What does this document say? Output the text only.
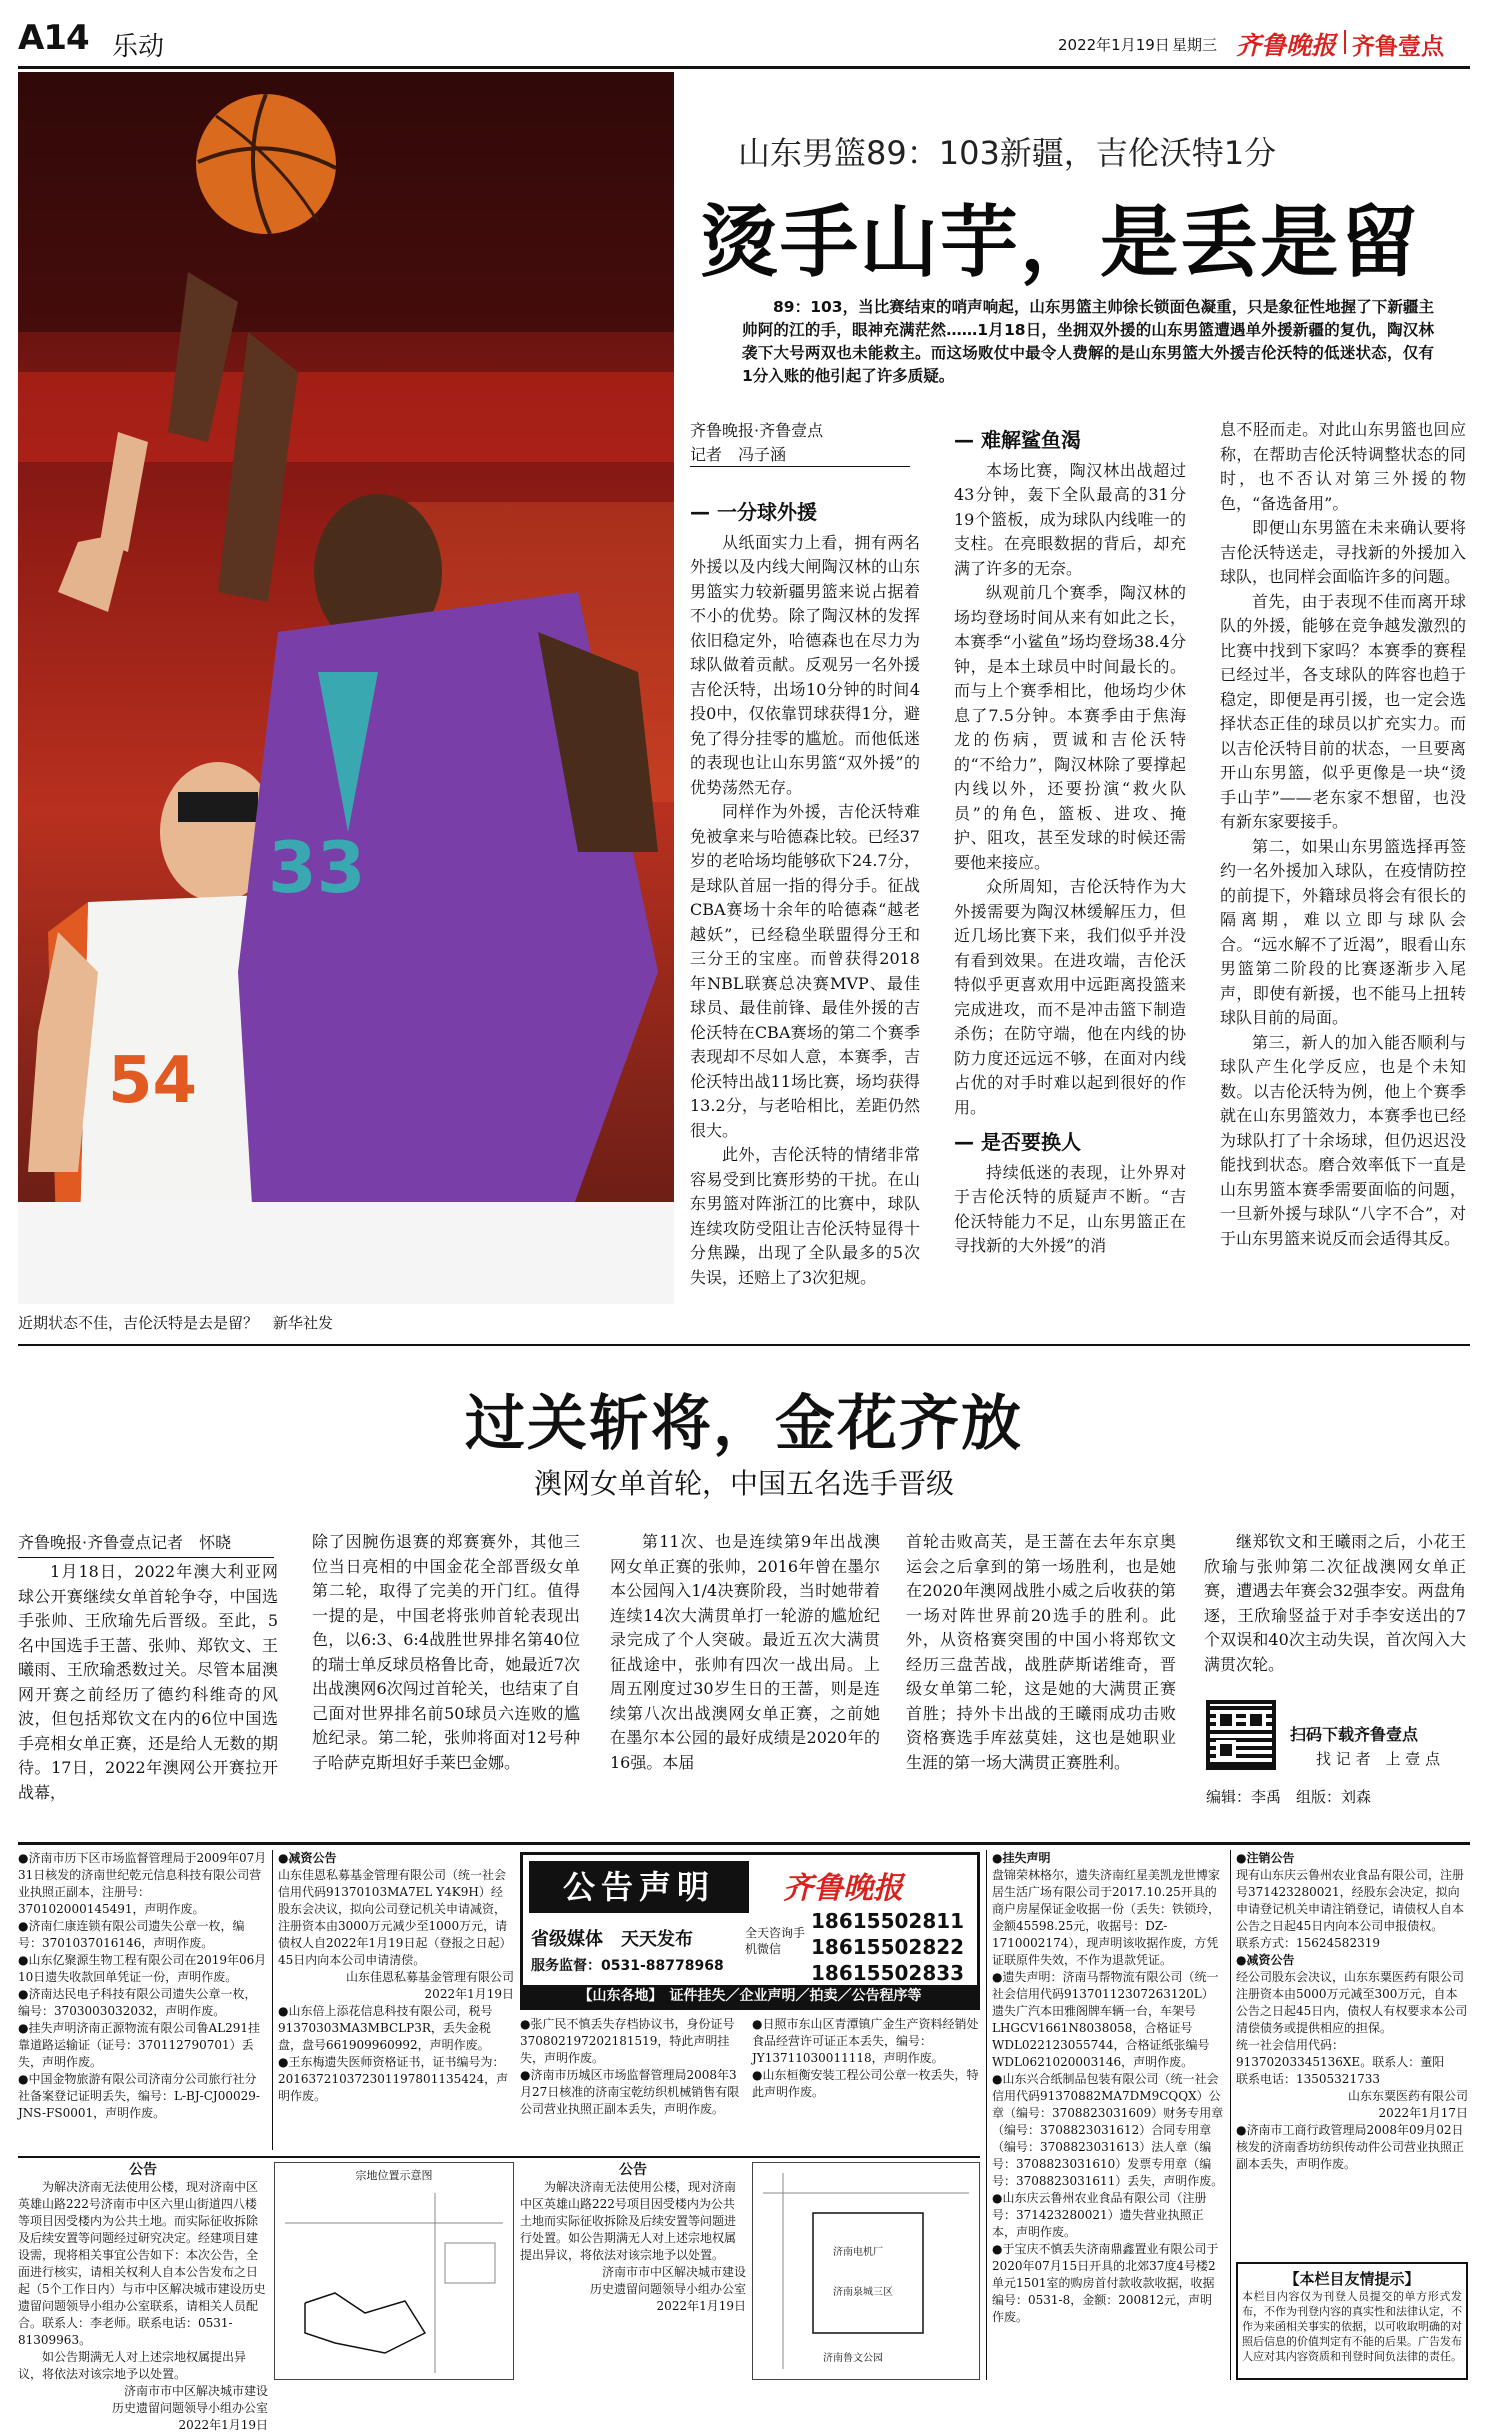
A14 乐动	2022年1月19日 星期三 齐鲁晚报 齐鲁壹点
54
33
近期状态不佳，吉伦沃特是去是留？　新华社发
山东男篮89：103新疆，吉伦沃特1分
烫手山芋，是丢是留
89：103，当比赛结束的哨声响起，山东男篮主帅徐长锁面色凝重，只是象征性地握了下新疆主帅阿的江的手，眼神充满茫然……1月18日，坐拥双外援的山东男篮遭遇单外援新疆的复仇，陶汉林袭下大号两双也未能救主。而这场败仗中最令人费解的是山东男篮大外援吉伦沃特的低迷状态，仅有1分入账的他引起了许多质疑。
齐鲁晚报·齐鲁壹点
记者　冯子涵
— 一分球外援

从纸面实力上看，拥有两名外援以及内线大闸陶汉林的山东男篮实力较新疆男篮来说占据着不小的优势。除了陶汉林的发挥依旧稳定外，哈德森也在尽力为球队做着贡献。反观另一名外援吉伦沃特，出场10分钟的时间4投0中，仅依靠罚球获得1分，避免了得分挂零的尴尬。而他低迷的表现也让山东男篮“双外援”的优势荡然无存。

同样作为外援，吉伦沃特难免被拿来与哈德森比较。已经37岁的老哈场均能够砍下24.7分，是球队首屈一指的得分手。征战CBA赛场十余年的哈德森“越老越妖”，已经稳坐联盟得分王和三分王的宝座。而曾获得2018年NBL联赛总决赛MVP、最佳球员、最佳前锋、最佳外援的吉伦沃特在CBA赛场的第二个赛季表现却不尽如人意，本赛季，吉伦沃特出战11场比赛，场均获得13.2分，与老哈相比，差距仍然很大。

此外，吉伦沃特的情绪非常容易受到比赛形势的干扰。在山东男篮对阵浙江的比赛中，球队连续攻防受阻让吉伦沃特显得十分焦躁，出现了全队最多的5次失误，还赔上了3次犯规。

— 难解鲨鱼渴

本场比赛，陶汉林出战超过43分钟，轰下全队最高的31分19个篮板，成为球队内线唯一的支柱。在亮眼数据的背后，却充满了许多的无奈。

纵观前几个赛季，陶汉林的场均登场时间从来有如此之长，本赛季“小鲨鱼”场均登场38.4分钟，是本土球员中时间最长的。而与上个赛季相比，他场均少休息了7.5分钟。本赛季由于焦海龙的伤病，贾诚和吉伦沃特的“不给力”，陶汉林除了要撑起内线以外，还要扮演“救火队员”的角色，篮板、进攻、掩护、阻攻，甚至发球的时候还需要他来接应。

众所周知，吉伦沃特作为大外援需要为陶汉林缓解压力，但近几场比赛下来，我们似乎并没有看到效果。在进攻端，吉伦沃特似乎更喜欢用中远距离投篮来完成进攻，而不是冲击篮下制造杀伤；在防守端，他在内线的协防力度还远远不够，在面对内线占优的对手时难以起到很好的作用。

— 是否要换人

持续低迷的表现，让外界对于吉伦沃特的质疑声不断。“吉伦沃特能力不足，山东男篮正在寻找新的大外援”的消

息不胫而走。对此山东男篮也回应称，在帮助吉伦沃特调整状态的同时，也不否认对第三外援的物色，“备选备用”。

即便山东男篮在未来确认要将吉伦沃特送走，寻找新的外援加入球队，也同样会面临许多的问题。

首先，由于表现不佳而离开球队的外援，能够在竞争越发激烈的比赛中找到下家吗？本赛季的赛程已经过半，各支球队的阵容也趋于稳定，即便是再引援，也一定会选择状态正佳的球员以扩充实力。而以吉伦沃特目前的状态，一旦要离开山东男篮，似乎更像是一块“烫手山芋”——老东家不想留，也没有新东家要接手。

第二，如果山东男篮选择再签约一名外援加入球队，在疫情防控的前提下，外籍球员将会有很长的隔离期，难以立即与球队会合。“远水解不了近渴”，眼看山东男篮第二阶段的比赛逐渐步入尾声，即使有新援，也不能马上扭转球队目前的局面。

第三，新人的加入能否顺利与球队产生化学反应，也是个未知数。以吉伦沃特为例，他上个赛季就在山东男篮效力，本赛季也已经为球队打了十余场球，但仍迟迟没能找到状态。磨合效率低下一直是山东男篮本赛季需要面临的问题，一旦新外援与球队“八字不合”，对于山东男篮来说反而会适得其反。

过关斩将，金花齐放
澳网女单首轮，中国五名选手晋级
齐鲁晚报·齐鲁壹点记者　怀晓

1月18日，2022年澳大利亚网球公开赛继续女单首轮争夺，中国选手张帅、王欣瑜先后晋级。至此，5名中国选手王蔷、张帅、郑钦文、王曦雨、王欣瑜悉数过关。尽管本届澳网开赛之前经历了德约科维奇的风波，但包括郑钦文在内的6位中国选手亮相女单正赛，还是给人无数的期待。17日，2022年澳网公开赛拉开战幕，

除了因腕伤退赛的郑赛赛外，其他三位当日亮相的中国金花全部晋级女单第二轮，取得了完美的开门红。值得一提的是，中国老将张帅首轮表现出色，以6:3、6:4战胜世界排名第40位的瑞士单反球员格鲁比奇，她最近7次出战澳网6次闯过首轮关，也结束了自己面对世界排名前50球员六连败的尴尬纪录。第二轮，张帅将面对12号种子哈萨克斯坦好手莱巴金娜。

第11次、也是连续第9年出战澳网女单正赛的张帅，2016年曾在墨尔本公园闯入1/4决赛阶段，当时她带着连续14次大满贯单打一轮游的尴尬纪录完成了个人突破。最近五次大满贯征战途中，张帅有四次一战出局。上周五刚度过30岁生日的王蔷，则是连续第八次出战澳网女单正赛，之前她在墨尔本公园的最好成绩是2020年的16强。本届

首轮击败高芙，是王蔷在去年东京奥运会之后拿到的第一场胜利，也是她在2020年澳网战胜小威之后收获的第一场对阵世界前20选手的胜利。此外，从资格赛突围的中国小将郑钦文经历三盘苦战，战胜萨斯诺维奇，晋级女单第二轮，这是她的大满贯正赛首胜；持外卡出战的王曦雨成功击败资格赛选手库兹莫娃，这也是她职业生涯的第一场大满贯正赛胜利。

继郑钦文和王曦雨之后，小花王欣瑜与张帅第二次征战澳网女单正赛，遭遇去年赛会32强李安。两盘角逐，王欣瑜竖益于对手李安送出的7个双误和40次主动失误，首次闯入大满贯次轮。

扫码下载齐鲁壹点
找 记 者　上 壹 点
编辑：李禹　组版：刘森
●济南市历下区市场监督管理局于2009年07月31日核发的济南世纪乾元信息科技有限公司营业执照正副本，注册号：370102000145491，声明作废。
●济南仁康连锁有限公司遗失公章一枚，编号：3701037016146，声明作废。
●山东亿聚源生物工程有限公司在2019年06月10日遗失收款回单凭证一份，声明作废。
●济南达民电子科技有限公司遗失公章一枚，编号：3703003032032，声明作废。
●挂失声明济南正源物流有限公司鲁AL291挂靠道路运输证（证号：370112790701）丢失，声明作废。
●中国金物旅游有限公司济南分公司旅行社分社备案登记证明丢失，编号：L-BJ-CJ00029-JNS-FS0001，声明作废。
●减资公告
山东佳恩私募基金管理有限公司（统一社会信用代码91370103MA7EL Y4K9H）经股东会决议，拟向公司登记机关申请减资，注册资本由3000万元减少至1000万元，请债权人自2022年1月19日起（登报之日起）45日内向本公司申请清偿。
山东佳恩私募基金管理有限公司
2022年1月19日
●山东倍上添花信息科技有限公司，税号91370303MA3MBCLP3R，丢失金税盘，盘号661909960992，声明作废。
●王东梅遗失医师资格证书，证书编号为：201637210372301197801135424，声明作废。
公告声明	齐鲁晚报
省级媒体　天天发布
服务监督：0531-88778968
全天咨询手机微信
18615502811
18615502822
18615502833
【山东各地】　证件挂失／企业声明／拍卖／公告程序等
●张广民不慎丢失存档协议书，身份证号370802197202181519，特此声明挂失，声明作废。
●济南市历城区市场监督管理局2008年3月27日核准的济南宝乾纺织机械销售有限公司营业执照正副本丢失，声明作废。
●日照市东山区青潭镇广金生产资料经销处食品经营许可证正本丢失，编号：JY13711030011118，声明作废。
●山东桓衡安装工程公司公章一枚丢失，特此声明作废。
●挂失声明
盘锦荣林格尔，遗失济南红星美凯龙世博家居生活广场有限公司于2017.10.25开具的商户房屋保证金收据一份（丢失：铁锁玲，金额45598.25元，收据号：DZ-1710002174），现声明该收据作废，方凭证联原件失效，不作为退款凭证。
●遗失声明：济南马帮物流有限公司（统一社会信用代码91370112307263120L）遗失广汽本田雅阁牌车辆一台，车架号LHGCV1661N8038058，合格证号WDL022123055744，合格证纸张编号WDL0621020003146，声明作废。
●山东兴合纸制品包装有限公司（统一社会信用代码91370882MA7DM9CQQX）公章（编号：3708823031609）财务专用章（编号：3708823031612）合同专用章（编号：3708823031613）法人章（编号：3708823031610）发票专用章（编号：3708823031611）丢失，声明作废。
●山东庆云鲁州农业食品有限公司（注册号：371423280021）遗失营业执照正本，声明作废。
●于宝庆不慎丢失济南鼎鑫置业有限公司于2020年07月15日开具的北郊37度4号楼2单元1501室的购房首付款收款收据，收据编号：0531-8，金额：200812元，声明作废。
●注销公告
现有山东庆云鲁州农业食品有限公司，注册号371423280021，经股东会决定，拟向申请登记机关申请注销登记，请债权人自本公告之日起45日内向本公司申报债权。
联系方式：15624582319
●减资公告
经公司股东会决议，山东东粟医药有限公司注册资本由5000万元减至300万元，自本公告之日起45日内，债权人有权要求本公司清偿债务或提供相应的担保。
统一社会信用代码：91370203345136XE。联系人：董阳　联系电话：13505321733
山东东粟医药有限公司
2022年1月17日
●济南市工商行政管理局2008年09月02日核发的济南香坊纺织传动件公司营业执照正副本丢失，声明作废。
【本栏目友情提示】
本栏目内容仅为刊登人员提交的单方形式发布，不作为刊登内容的真实性和法律认定，不作为来函相关事实的依据，以可收取明确的对照后信息的价值判定有不能的后果。广告发布人应对其内容资质和刊登时间负法律的责任。
公告
为解决济南无法使用公楼，现对济南中区英雄山路222号济南市中区六里山街道四八楼等项目因受楼内为公共土地。而实际征收拆除及后续安置等问题经过研究决定。经建项目建设需，现将相关事宜公告如下：本次公告，全面进行核实，请相关权利人自本公告发布之日起（5个工作日内）与市中区解决城市建设历史遗留问题领导小组办公室联系，请相关人员配合。联系人：李老师。联系电话：0531-81309963。
如公告期满无人对上述宗地权属提出异议，将依法对该宗地予以处置。
济南市市中区解决城市建设
历史遗留问题领导小组办公室
2022年1月19日
宗地位置示意图	公告
为解决济南无法使用公楼，现对济南中区英雄山路222号项目因受楼内为公共土地而实际征收拆除及后续安置等问题进行处置。如公告期满无人对上述宗地权属提出异议，将依法对该宗地予以处置。
济南市市中区解决城市建设
历史遗留问题领导小组办公室
2022年1月19日
济南电机厂
济南泉城三区
济南鲁文公园
